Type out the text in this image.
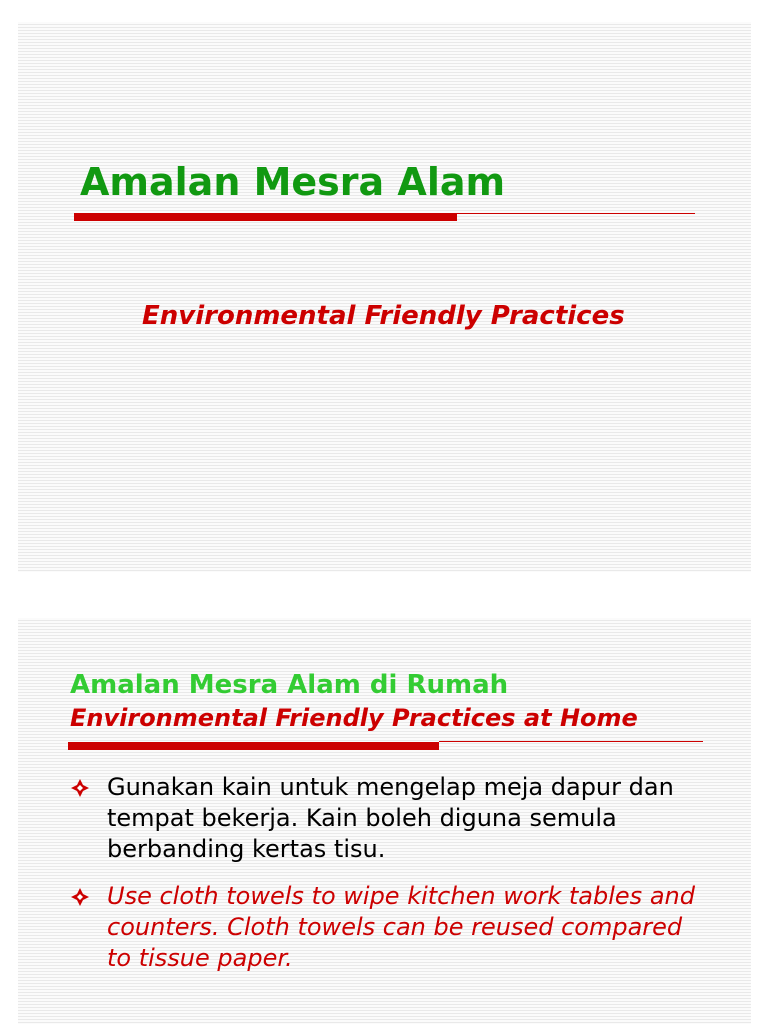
Amalan Mesra Alam
Environmental Friendly Practices
Amalan Mesra Alam di Rumah
Environmental Friendly Practices at Home
Gunakan kain untuk mengelap meja dapur dan tempat bekerja. Kain boleh diguna semula berbanding kertas tisu.
Use cloth towels to wipe kitchen work tables and counters. Cloth towels can be reused compared to tissue paper.
